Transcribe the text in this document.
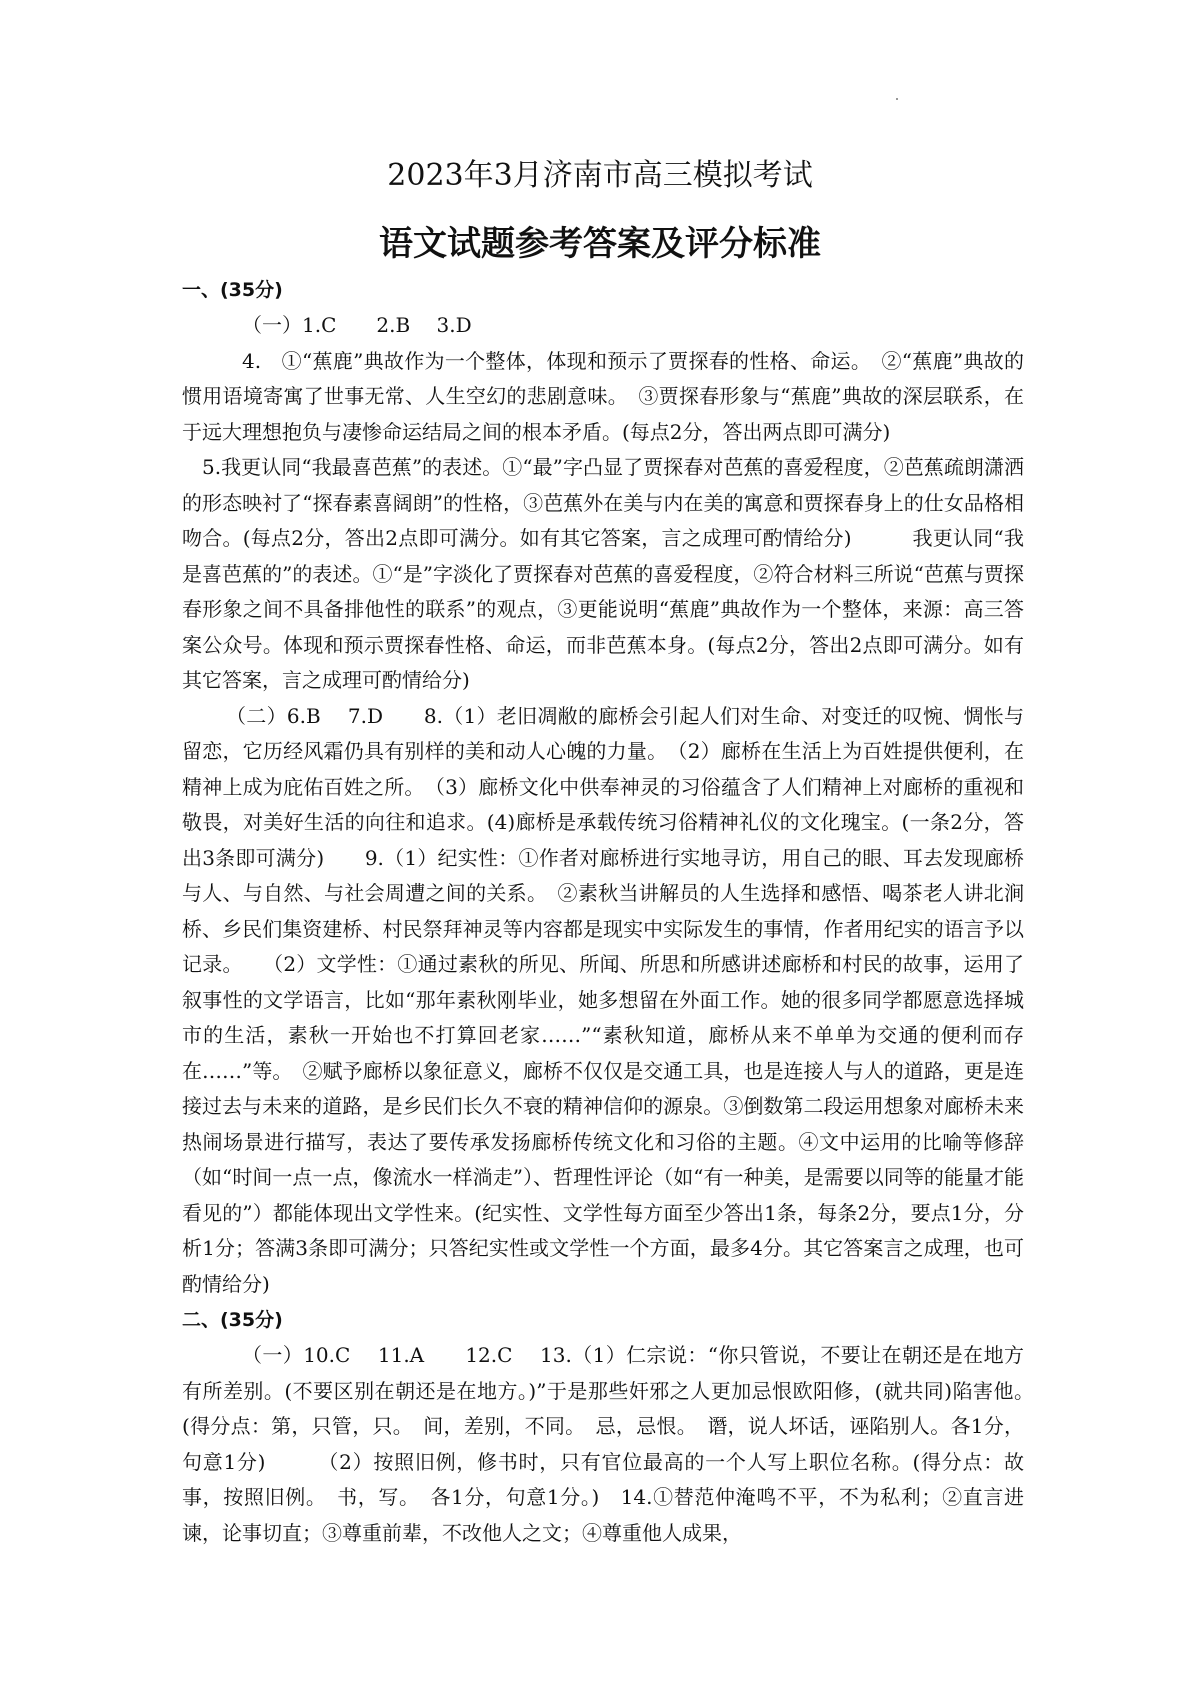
2023年3月济南市高三模拟考试
语文试题参考答案及评分标准

一、(35分)

（一）1.C　　2.B　 3.D

4.　①“蕉鹿”典故作为一个整体，体现和预示了贾探春的性格、命运。　②“蕉鹿”典故的惯用语境寄寓了世事无常、人生空幻的悲剧意味。　③贾探春形象与“蕉鹿”典故的深层联系，在于远大理想抱负与凄惨命运结局之间的根本矛盾。(每点2分，答出两点即可满分)

5.我更认同“我最喜芭蕉”的表述。①“最”字凸显了贾探春对芭蕉的喜爱程度，②芭蕉疏朗潇洒的形态映衬了“探春素喜阔朗”的性格，③芭蕉外在美与内在美的寓意和贾探春身上的仕女品格相吻合。(每点2分，答出2点即可满分。如有其它答案，言之成理可酌情给分)　　　我更认同“我是喜芭蕉的”的表述。①“是”字淡化了贾探春对芭蕉的喜爱程度，②符合材料三所说“芭蕉与贾探春形象之间不具备排他性的联系”的观点，③更能说明“蕉鹿”典故作为一个整体，来源：高三答案公众号。体现和预示贾探春性格、命运，而非芭蕉本身。(每点2分，答出2点即可满分。如有其它答案，言之成理可酌情给分)

（二）6.B　 7.D　　8.（1）老旧凋敝的廊桥会引起人们对生命、对变迁的叹惋、惆怅与留恋，它历经风霜仍具有别样的美和动人心魄的力量。　（2）廊桥在生活上为百姓提供便利，在精神上成为庇佑百姓之所。　（3）廊桥文化中供奉神灵的习俗蕴含了人们精神上对廊桥的重视和敬畏，对美好生活的向往和追求。(4)廊桥是承载传统习俗精神礼仪的文化瑰宝。(一条2分，答出3条即可满分)　　9.（1）纪实性：①作者对廊桥进行实地寻访，用自己的眼、耳去发现廊桥与人、与自然、与社会周遭之间的关系。　②素秋当讲解员的人生选择和感悟、喝茶老人讲北涧桥、乡民们集资建桥、村民祭拜神灵等内容都是现实中实际发生的事情，作者用纪实的语言予以记录。　　（2）文学性：①通过素秋的所见、所闻、所思和所感讲述廊桥和村民的故事，运用了叙事性的文学语言，比如“那年素秋刚毕业，她多想留在外面工作。她的很多同学都愿意选择城市的生活，素秋一开始也不打算回老家……”“素秋知道，廊桥从来不单单为交通的便利而存在……”等。　②赋予廊桥以象征意义，廊桥不仅仅是交通工具，也是连接人与人的道路，更是连接过去与未来的道路，是乡民们长久不衰的精神信仰的源泉。③倒数第二段运用想象对廊桥未来热闹场景进行描写，表达了要传承发扬廊桥传统文化和习俗的主题。④文中运用的比喻等修辞（如“时间一点一点，像流水一样淌走”）、哲理性评论（如“有一种美，是需要以同等的能量才能看见的”）都能体现出文学性来。(纪实性、文学性每方面至少答出1条，每条2分，要点1分，分析1分；答满3条即可满分；只答纪实性或文学性一个方面，最多4分。其它答案言之成理，也可酌情给分)

二、(35分)

（一）10.C　 11.A　　12.C　 13.（1）仁宗说：“你只管说，不要让在朝还是在地方有所差别。(不要区别在朝还是在地方。)”于是那些奸邪之人更加忌恨欧阳修，(就共同)陷害他。　(得分点：第，只管，只。　间，差别，不同。　忌，忌恨。　谮，说人坏话，诬陷别人。各1分，句意1分)　　　（2）按照旧例，修书时，只有官位最高的一个人写上职位名称。(得分点：故事，按照旧例。　书，写。　各1分，句意1分。)　14.①替范仲淹鸣不平，不为私利；②直言进谏，论事切直；③尊重前辈，不改他人之文；④尊重他人成果，
